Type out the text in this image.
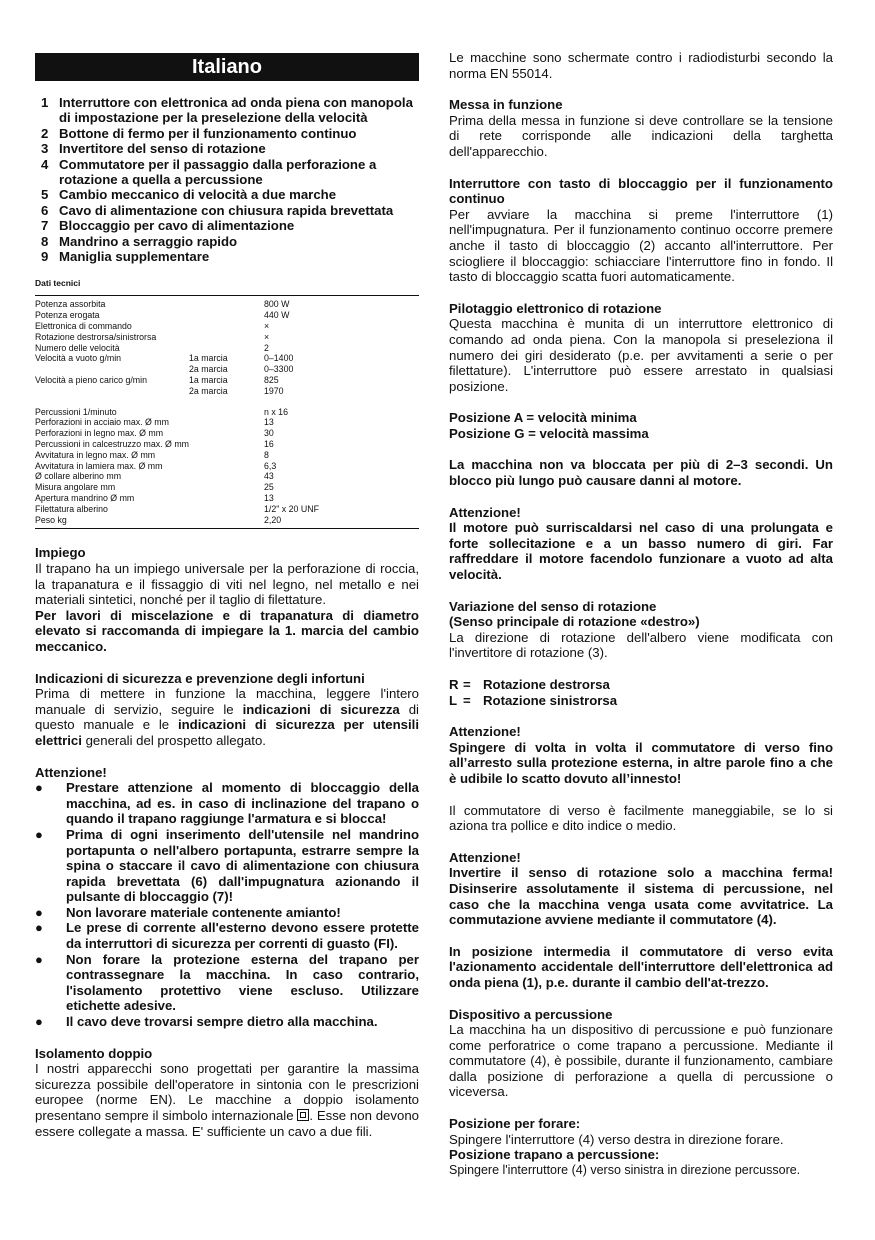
Italiano
1 Interruttore con elettronica ad onda piena con manopola di impostazione per la preselezione della velocità
2 Bottone di fermo per il funzionamento continuo
3 Invertitore del senso di rotazione
4 Commutatore per il passaggio dalla perforazione a rotazione a quella a percussione
5 Cambio meccanico di velocità a due marche
6 Cavo di alimentazione con chiusura rapida brevettata
7 Bloccaggio per cavo di alimentazione
8 Mandrino a serraggio rapido
9 Maniglia supplementare
Dati tecnici
Potenza assorbita		800 W
Potenza erogata		440 W
Elettronica di commando		×
Rotazione destrorsa/sinistrorsa		×
Numero delle velocità		2
Velocità a vuoto g/min	1a marcia	0–1400
	2a marcia	0–3300
Velocità a pieno carico g/min	1a marcia	825
	2a marcia	1970
Percussioni 1/minuto		n x 16
Perforazioni in acciaio max. Ø mm		13
Perforazioni in legno max. Ø mm		30
Percussioni in calcestruzzo max. Ø mm		16
Avvitatura in legno max. Ø mm		8
Avvitatura in lamiera max. Ø mm		6,3
Ø collare alberino mm		43
Misura angolare mm		25
Apertura mandrino Ø mm		13
Filettatura alberino		1/2" x 20 UNF
Peso kg		2,20
Impiego
Il trapano ha un impiego universale per la perforazione di roccia, la trapanatura e il fissaggio di viti nel legno, nel metallo e nei materiali sintetici, nonché per il taglio di filettature.
Per lavori di miscelazione e di trapanatura di diametro elevato si raccomanda di impiegare la 1. marcia del cambio meccanico.
Indicazioni di sicurezza e prevenzione degli infortuni
Prima di mettere in funzione la macchina, leggere l'intero manuale di servizio, seguire le indicazioni di sicurezza di questo manuale e le indicazioni di sicurezza per utensili elettrici generali del prospetto allegato.
Attenzione!
●	Prestare attenzione al momento di bloccaggio della macchina, ad es. in caso di inclinazione del trapano o quando il trapano raggiunge l'armatura e si blocca!
●	Prima di ogni inserimento dell'utensile nel mandrino portapunta o nell'albero portapunta, estrarre sempre la spina o staccare il cavo di alimentazione con chiusura rapida brevettata (6) dall'impugnatura azionando il pulsante di bloccaggio (7)!
●	Non lavorare materiale contenente amianto!
●	Le prese di corrente all'esterno devono essere protette da interruttori di sicurezza per correnti di guasto (FI).
●	Non forare la protezione esterna del trapano per contrassegnare la macchina. In caso contrario, l'isolamento protettivo viene escluso. Utilizzare etichette adesive.
●	Il cavo deve trovarsi sempre dietro alla macchina.
Isolamento doppio
I nostri apparecchi sono progettati per garantire la massima sicurezza possibile dell'operatore in sintonia con le prescrizioni europee (norme EN). Le macchine a doppio isolamento presentano sempre il simbolo internazionale . Esse non devono essere collegate a massa. E' sufficiente un cavo a due fili.
Le macchine sono schermate contro i radiodisturbi secondo la norma EN 55014.
Messa in funzione
Prima della messa in funzione si deve controllare se la tensione di rete corrisponde alle indicazioni della targhetta dell'apparecchio.
Interruttore con tasto di bloccaggio per il funzionamento continuo
Per avviare la macchina si preme l'interruttore (1) nell'impugnatura. Per il funzionamento continuo occorre premere anche il tasto di bloccaggio (2) accanto all'interruttore. Per sciogliere il bloccaggio: schiacciare l'interruttore fino in fondo. Il tasto di bloccaggio scatta fuori automaticamente.
Pilotaggio elettronico di rotazione
Questa macchina è munita di un interruttore elettronico di comando ad onda piena. Con la manopola si preseleziona il numero dei giri desiderato (p.e. per avvitamenti a serie o per filettature). L'interruttore può essere arrestato in qualsiasi posizione.
Posizione A = velocità minima
Posizione G = velocità massima
La macchina non va bloccata per più di 2–3 secondi. Un blocco più lungo può causare danni al motore.
Attenzione!
Il motore può surriscaldarsi nel caso di una prolungata e forte sollecitazione e a un basso numero di giri. Far raffreddare il motore facendolo funzionare a vuoto ad alta velocità.
Variazione del senso di rotazione
(Senso principale di rotazione «destro»)
La direzione di rotazione dell'albero viene modificata con l'invertitore di rotazione (3).
R = Rotazione destrorsa
L = Rotazione sinistrorsa
Attenzione!
Spingere di volta in volta il commutatore di verso fino all’arresto sulla protezione esterna, in altre parole fino a che è udibile lo scatto dovuto all’innesto!
Il commutatore di verso è facilmente maneggiabile, se lo si aziona tra pollice e dito indice o medio.
Attenzione!
Invertire il senso di rotazione solo a macchina ferma! Disinserire assolutamente il sistema di percussione, nel caso che la macchina venga usata come avvitatrice. La commutazione avviene mediante il commutatore (4).
In posizione intermedia il commutatore di verso evita l'azionamento accidentale dell'interruttore dell'elettronica ad onda piena (1), p.e. durante il cambio dell'at-trezzo.
Dispositivo a percussione
La macchina ha un dispositivo di percussione e può funzionare come perforatrice o come trapano a percussione. Mediante il commutatore (4), è possibile, durante il funzionamento, cambiare dalla posizione di perforazione a quella di percussione o viceversa.
Posizione per forare:
Spingere l'interruttore (4) verso destra in direzione forare.
Posizione trapano a percussione:
Spingere l'interruttore (4) verso sinistra in direzione percussore.
